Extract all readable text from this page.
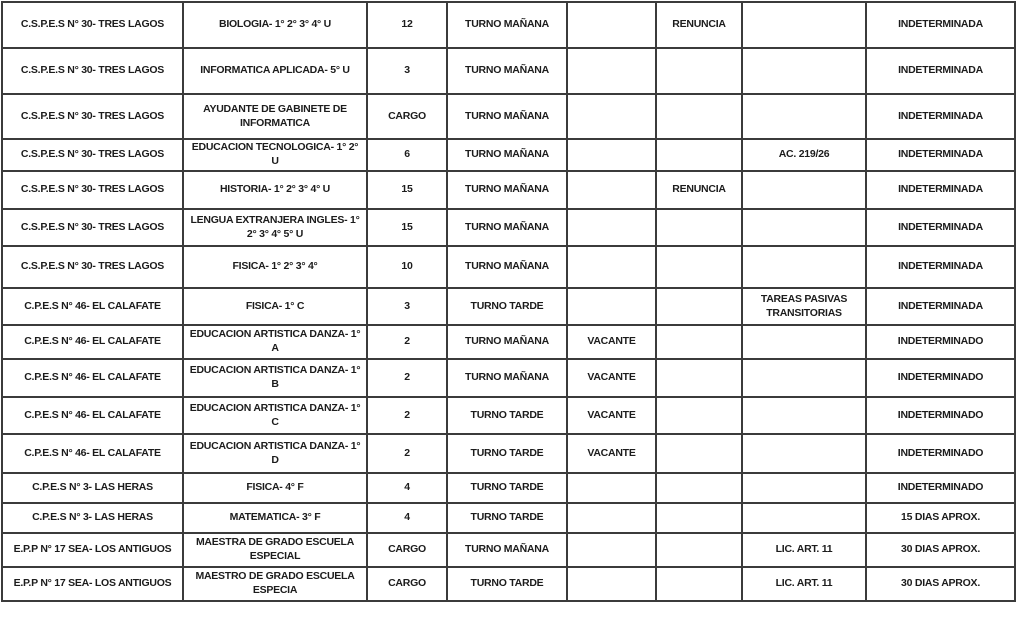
C.S.P.E.S N° 30- TRES LAGOS	BIOLOGIA- 1° 2° 3° 4° U	12	TURNO MAÑANA		RENUNCIA		INDETERMINADA
C.S.P.E.S N° 30- TRES LAGOS	INFORMATICA APLICADA- 5° U	3	TURNO MAÑANA				INDETERMINADA
C.S.P.E.S N° 30- TRES LAGOS	AYUDANTE DE GABINETE DE INFORMATICA	CARGO	TURNO MAÑANA				INDETERMINADA
C.S.P.E.S N° 30- TRES LAGOS	EDUCACION TECNOLOGICA- 1° 2° U	6	TURNO MAÑANA			AC. 219/26	INDETERMINADA
C.S.P.E.S N° 30- TRES LAGOS	HISTORIA- 1° 2° 3° 4° U	15	TURNO MAÑANA		RENUNCIA		INDETERMINADA
C.S.P.E.S N° 30- TRES LAGOS	LENGUA EXTRANJERA INGLES- 1° 2° 3° 4° 5° U	15	TURNO MAÑANA				INDETERMINADA
C.S.P.E.S N° 30- TRES LAGOS	FISICA- 1° 2° 3° 4°	10	TURNO MAÑANA				INDETERMINADA
C.P.E.S N° 46- EL CALAFATE	FISICA- 1° C	3	TURNO TARDE			TAREAS PASIVAS TRANSITORIAS	INDETERMINADA
C.P.E.S N° 46- EL CALAFATE	EDUCACION ARTISTICA DANZA- 1° A	2	TURNO MAÑANA	VACANTE			INDETERMINADO
C.P.E.S N° 46- EL CALAFATE	EDUCACION ARTISTICA DANZA- 1° B	2	TURNO MAÑANA	VACANTE			INDETERMINADO
C.P.E.S N° 46- EL CALAFATE	EDUCACION ARTISTICA DANZA- 1° C	2	TURNO TARDE	VACANTE			INDETERMINADO
C.P.E.S N° 46- EL CALAFATE	EDUCACION ARTISTICA DANZA- 1° D	2	TURNO TARDE	VACANTE			INDETERMINADO
C.P.E.S N° 3- LAS HERAS	FISICA- 4° F	4	TURNO TARDE				INDETERMINADO
C.P.E.S N° 3- LAS HERAS	MATEMATICA- 3° F	4	TURNO TARDE				15 DIAS APROX.
E.P.P N° 17 SEA- LOS ANTIGUOS	MAESTRA DE GRADO ESCUELA ESPECIAL	CARGO	TURNO MAÑANA			LIC. ART. 11	30 DIAS APROX.
E.P.P N° 17 SEA- LOS ANTIGUOS	MAESTRO DE GRADO ESCUELA ESPECIA	CARGO	TURNO TARDE			LIC. ART. 11	30 DIAS APROX.
